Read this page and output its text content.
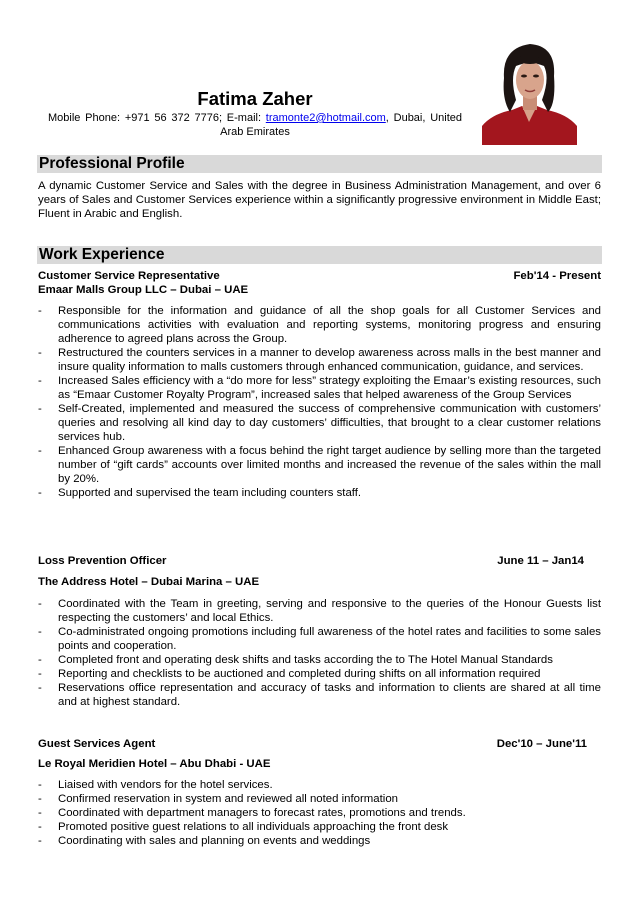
Fatima Zaher
Mobile Phone: +971 56 372 7776; E-mail: tramonte2@hotmail.com, Dubai, United Arab Emirates
Professional Profile
A dynamic Customer Service and Sales with the degree in Business Administration Management, and over 6 years of Sales and Customer Services experience within a significantly progressive environment in Middle East; Fluent in Arabic and English.
Work Experience
Customer Service Representative	Feb'14 - Present
Emaar Malls Group LLC – Dubai – UAE
- Responsible for the information and guidance of all the shop goals for all Customer Services and communications activities with evaluation and reporting systems, monitoring progress and ensuring adherence to agreed plans across the Group.
- Restructured the counters services in a manner to develop awareness across malls in the best manner and insure quality information to malls customers through enhanced communication, guidance, and services.
- Increased Sales efficiency with a “do more for less” strategy exploiting the Emaar’s existing resources, such as “Emaar Customer Royalty Program”, increased sales that helped awareness of the Group Services
- Self-Created, implemented and measured the success of comprehensive communication with customers’ queries and resolving all kind day to day customers’ difficulties, that brought to a clear customer relations services hub.
- Enhanced Group awareness with a focus behind the right target audience by selling more than the targeted number of “gift cards” accounts over limited months and increased the revenue of the sales within the mall by 20%.
- Supported and supervised the team including counters staff.
Loss Prevention Officer	June 11 – Jan14
The Address Hotel – Dubai Marina – UAE
- Coordinated with the Team in greeting, serving and responsive to the queries of the Honour Guests list respecting the customers’ and local Ethics.
- Co-administrated ongoing promotions including full awareness of the hotel rates and facilities to some sales points and cooperation.
- Completed front and operating desk shifts and tasks according the to The Hotel Manual Standards
- Reporting and checklists to be auctioned and completed during shifts on all information required
- Reservations office representation and accuracy of tasks and information to clients are shared at all time and at highest standard.
Guest Services Agent	Dec'10 – June'11
Le Royal Meridien Hotel – Abu Dhabi - UAE
- Liaised with vendors for the hotel services.
- Confirmed reservation in system and reviewed all noted information
- Coordinated with department managers to forecast rates, promotions and trends.
- Promoted positive guest relations to all individuals approaching the front desk
- Coordinating with sales and planning on events and weddings
